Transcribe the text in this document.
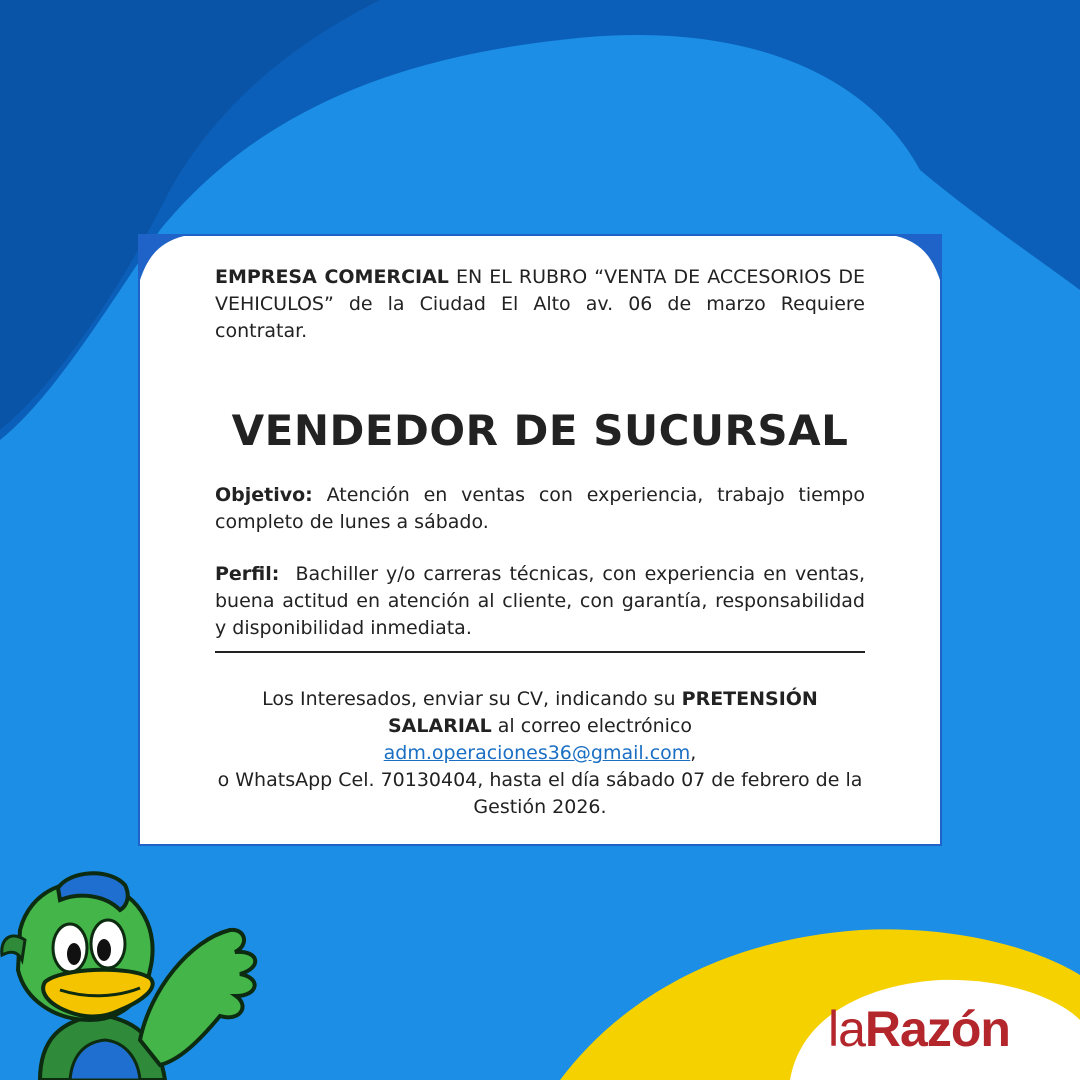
EMPRESA COMERCIAL EN EL RUBRO “VENTA DE ACCESORIOS DE VEHICULOS” de la Ciudad El Alto av. 06 de marzo Requiere contratar.

VENDEDOR DE SUCURSAL

Objetivo: Atención en ventas con experiencia, trabajo tiempo completo de lunes a sábado.

Perfil:  Bachiller y/o carreras técnicas, con experiencia en ventas, buena actitud en atención al cliente, con garantía, responsabilidad y disponibilidad inmediata.

Los Interesados, enviar su CV, indicando su PRETENSIÓN SALARIAL al correo electrónico
adm.operaciones36@gmail.com,
o WhatsApp Cel. 70130404, hasta el día sábado 07 de febrero de la Gestión 2026.
laRazón
